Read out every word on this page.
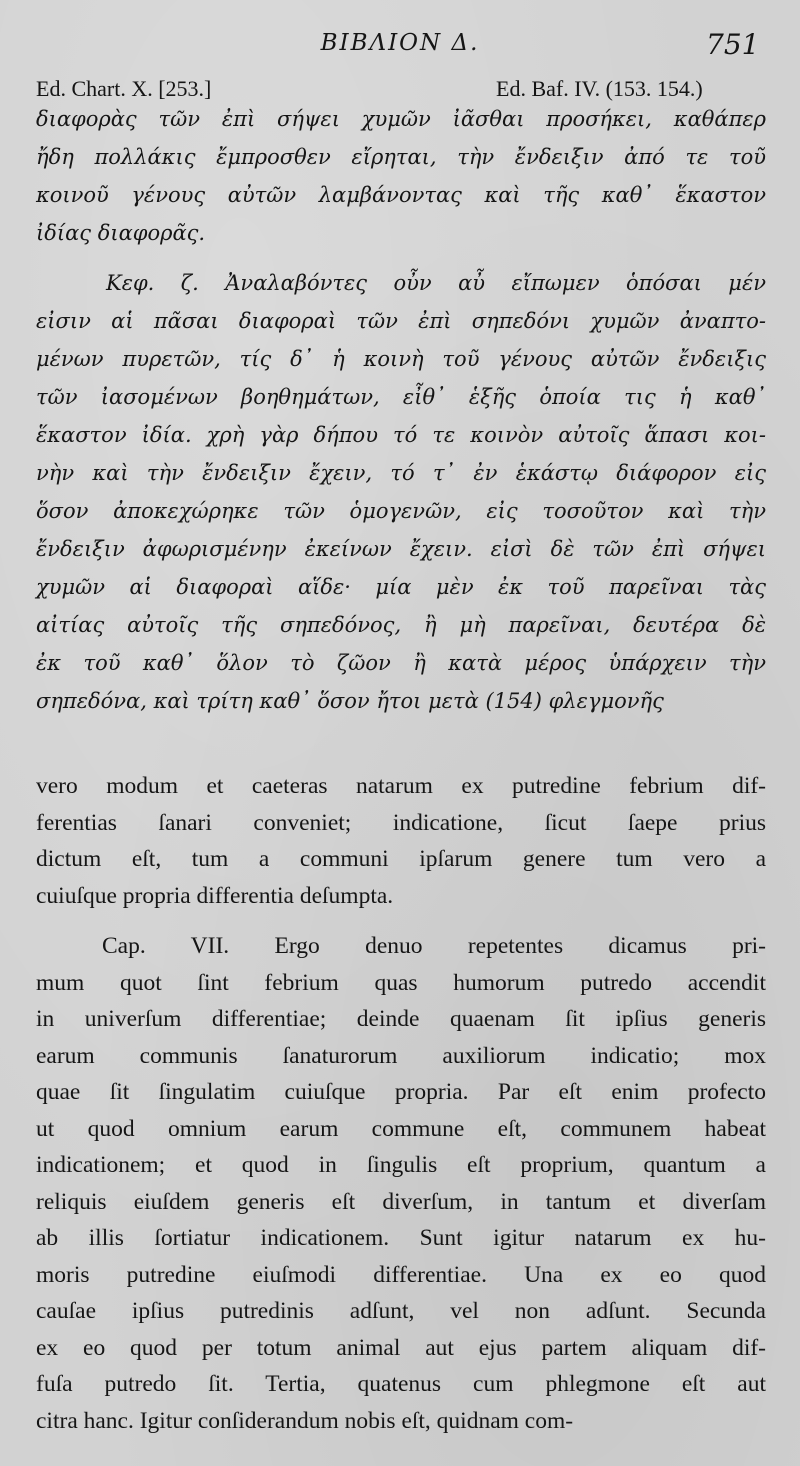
BIBΛΙΟΝ Δ.	751
Ed. Chart. X. [253.]	Ed. Baf. IV. (153. 154.)
διαφορὰς τῶν ἐπὶ σήψει χυμῶν ἰᾶσθαι προσήκει, καθάπερ
ἤδη πολλάκις ἔμπροσθεν εἴρηται, τὴν ἔνδειξιν ἀπό τε τοῦ
κοινοῦ γένους αὐτῶν λαμβάνοντας καὶ τῆς καθ᾽ ἕκαστον
ἰδίας διαφορᾶς.
Κεφ. ζ. Ἀναλαβόντες οὖν αὖ εἴπωμεν ὁπόσαι μέν
εἰσιν αἱ πᾶσαι διαφοραὶ τῶν ἐπὶ σηπεδόνι χυμῶν ἀναπτο-
μένων πυρετῶν, τίς δ᾽ ἡ κοινὴ τοῦ γένους αὐτῶν ἔνδειξις
τῶν ἰασομένων βοηθημάτων, εἶθ᾽ ἑξῆς ὁποία τις ἡ καθ᾽
ἕκαστον ἰδία. χρὴ γὰρ δήπου τό τε κοινὸν αὐτοῖς ἅπασι κοι-
νὴν καὶ τὴν ἔνδειξιν ἔχειν, τό τ᾽ ἐν ἑκάστῳ διάφορον εἰς
ὅσον ἀποκεχώρηκε τῶν ὁμογενῶν, εἰς τοσοῦτον καὶ τὴν
ἔνδειξιν ἀφωρισμένην ἐκείνων ἔχειν. εἰσὶ δὲ τῶν ἐπὶ σήψει
χυμῶν αἱ διαφοραὶ αἵδε· μία μὲν ἐκ τοῦ παρεῖναι τὰς
αἰτίας αὐτοῖς τῆς σηπεδόνος, ἢ μὴ παρεῖναι, δευτέρα δὲ
ἐκ τοῦ καθ᾽ ὅλον τὸ ζῶον ἢ κατὰ μέρος ὑπάρχειν τὴν
σηπεδόνα, καὶ τρίτη καθ᾽ ὅσον ἤτοι μετὰ (154) φλεγμονῆς
vero modum et caeteras natarum ex putredine febrium dif-
ferentias ſanari conveniet; indicatione, ſicut ſaepe prius
dictum eſt, tum a communi ipſarum genere tum vero a
cuiuſque propria differentia deſumpta.
Cap. VII. Ergo denuo repetentes dicamus pri-
mum quot ſint febrium quas humorum putredo accendit
in univerſum differentiae; deinde quaenam ſit ipſius generis
earum communis ſanaturorum auxiliorum indicatio; mox
quae ſit ſingulatim cuiuſque propria. Par eſt enim profecto
ut quod omnium earum commune eſt, communem habeat
indicationem; et quod in ſingulis eſt proprium, quantum a
reliquis eiuſdem generis eſt diverſum, in tantum et diverſam
ab illis ſortiatur indicationem. Sunt igitur natarum ex hu-
moris putredine eiuſmodi differentiae. Una ex eo quod
cauſae ipſius putredinis adſunt, vel non adſunt. Secunda
ex eo quod per totum animal aut ejus partem aliquam dif-
fuſa putredo ſit. Tertia, quatenus cum phlegmone eſt aut
citra hanc. Igitur conſiderandum nobis eſt, quidnam com-
